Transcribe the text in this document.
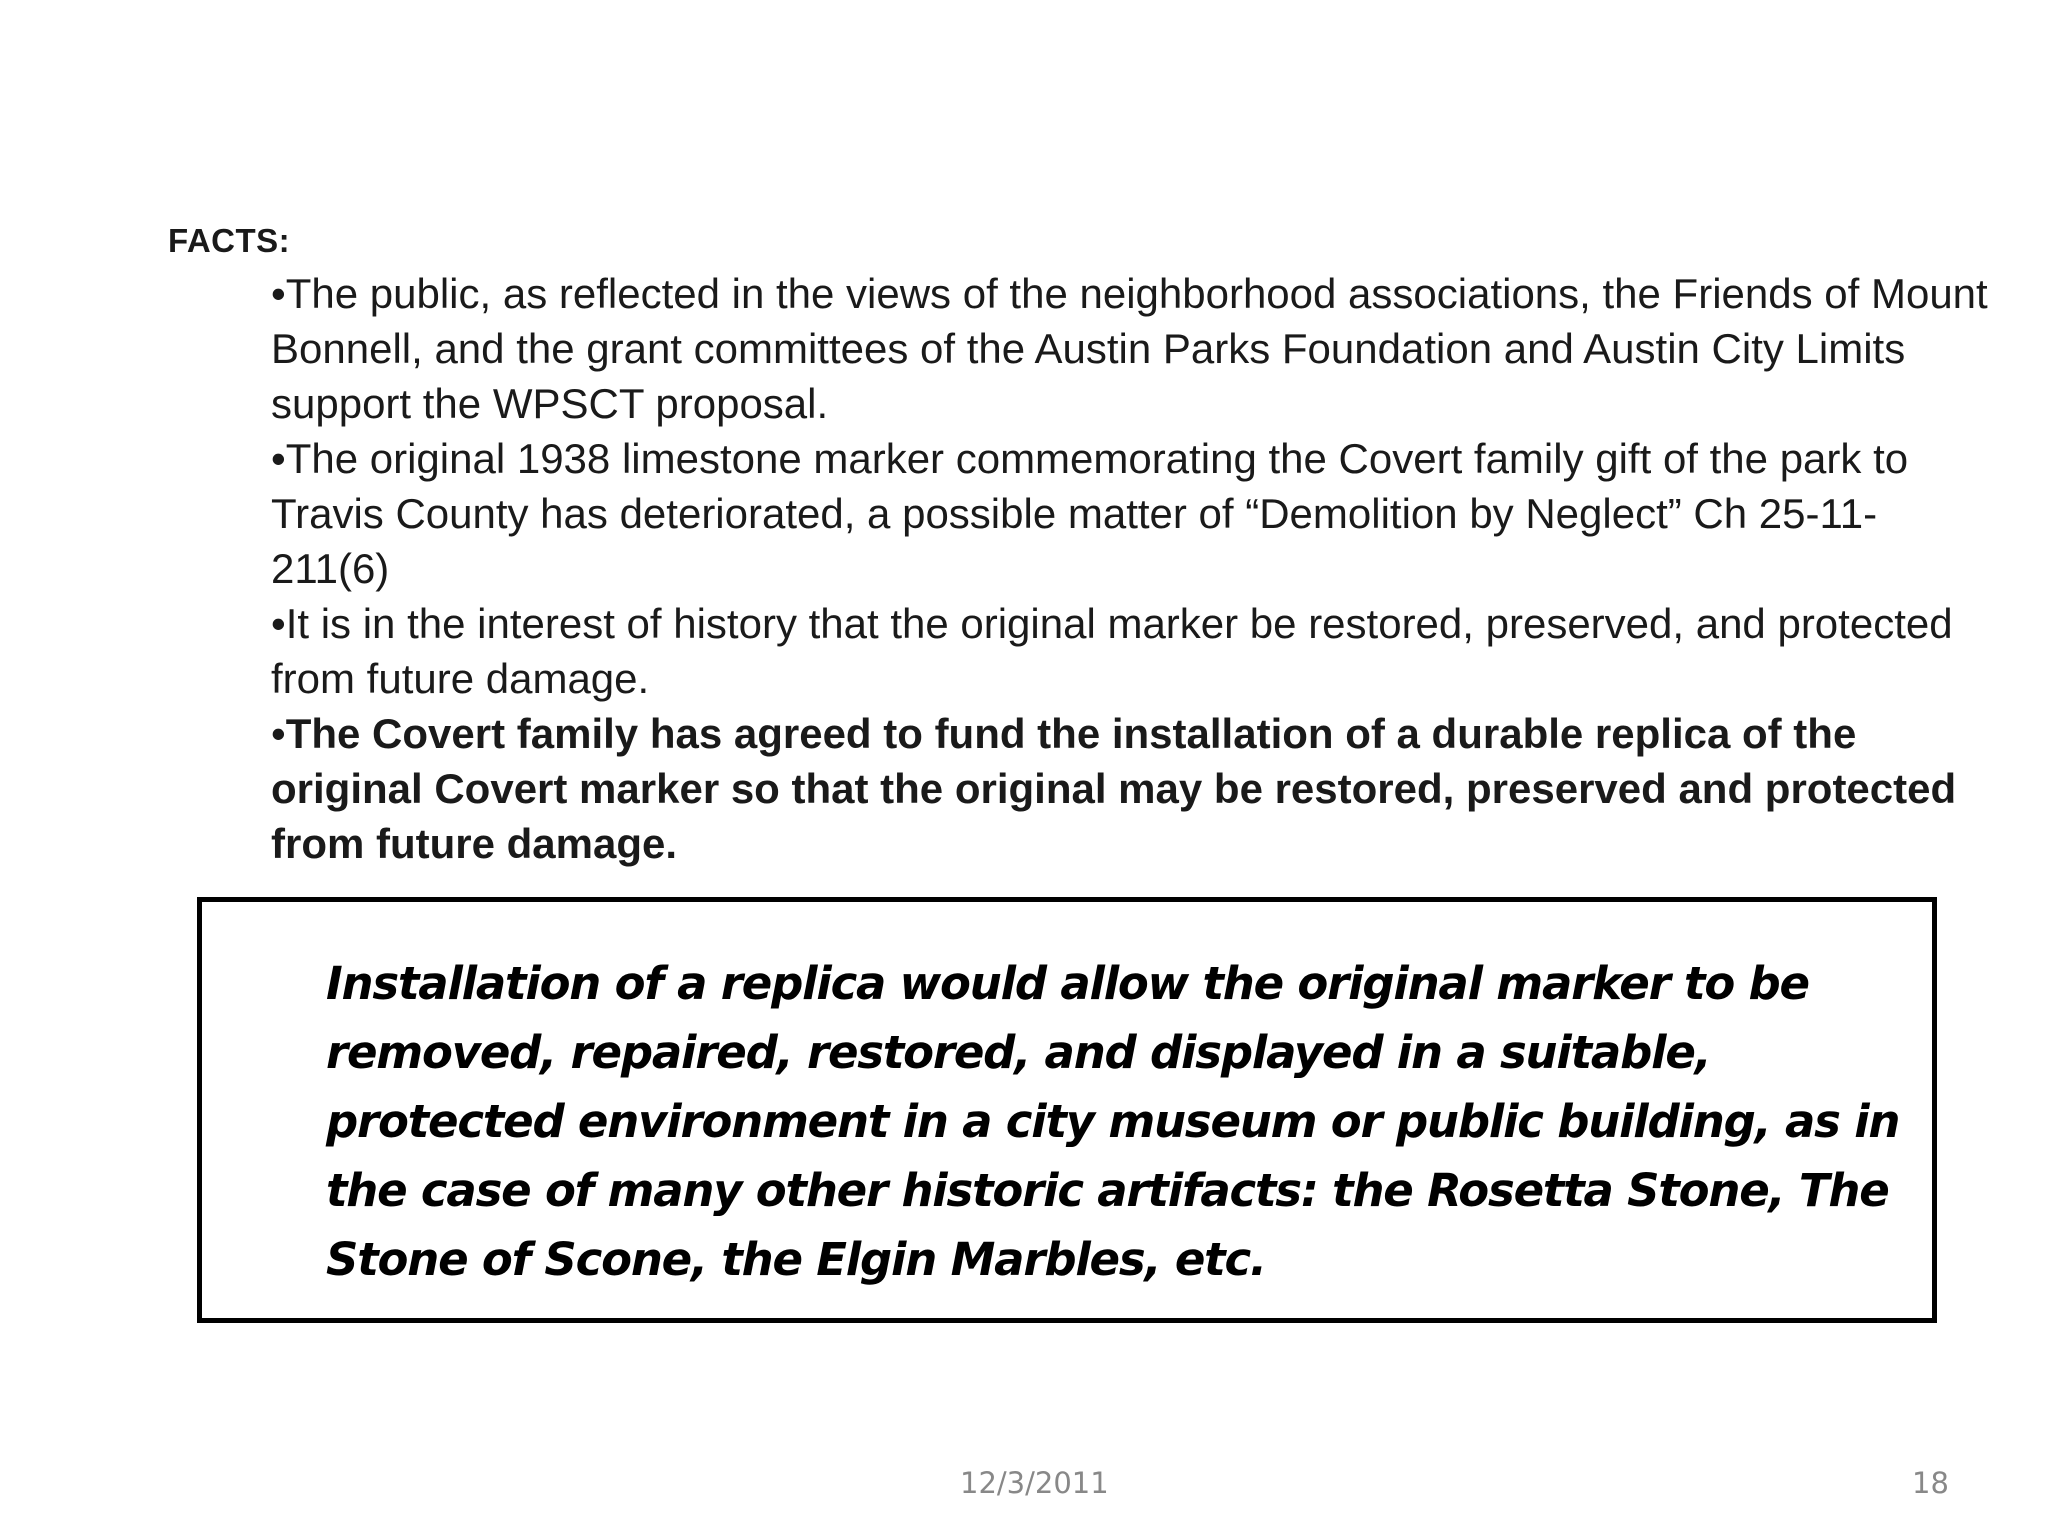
FACTS:
•The public, as reflected in the views of the neighborhood associations, the Friends of Mount Bonnell, and the grant committees of the Austin Parks Foundation and Austin City Limits support the WPSCT proposal.
•The original 1938 limestone marker commemorating the Covert family gift of the park to Travis County has deteriorated, a possible matter of “Demolition by Neglect” Ch 25-11-211(6)
•It is in the interest of history that the original marker be restored, preserved, and protected from future damage.
•The Covert family has agreed to fund the installation of a durable replica of the original Covert marker so that the original may be restored, preserved and protected from future damage.

Installation of a replica would allow the original marker to be removed, repaired, restored, and displayed in a suitable, protected environment in a city museum or public building, as in the case of many other historic artifacts: the Rosetta Stone, The Stone of Scone, the Elgin Marbles, etc.

12/3/2011	18
